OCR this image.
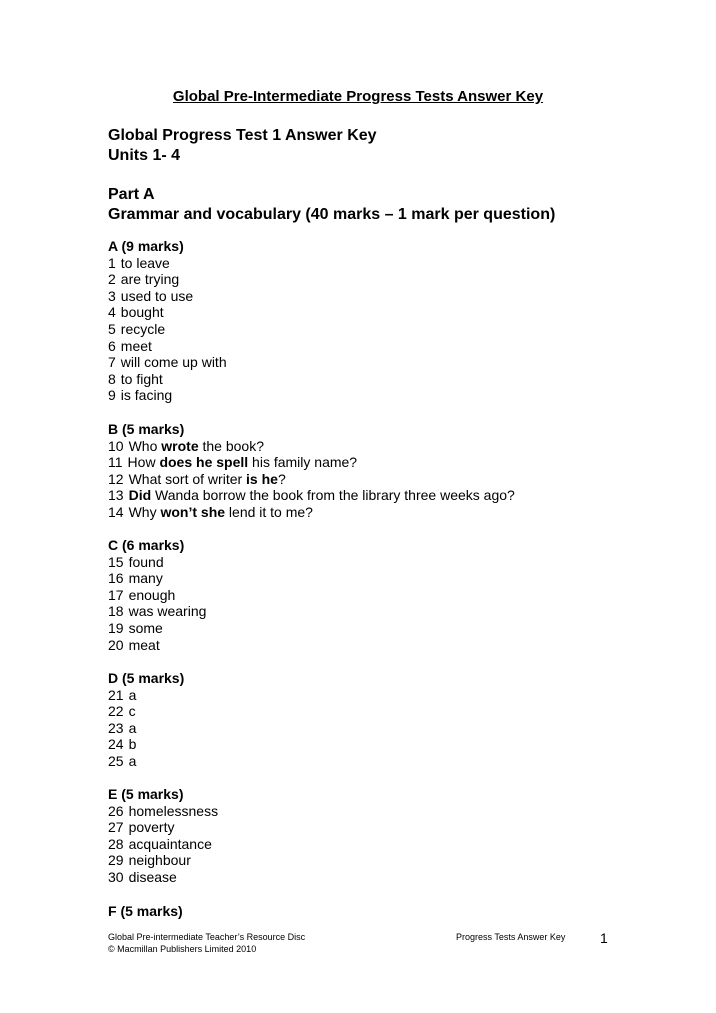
Global Pre-Intermediate Progress Tests Answer Key
Global Progress Test 1 Answer Key
Units 1- 4
Part A
Grammar and vocabulary (40 marks – 1 mark per question)
A (9 marks)
1 to leave
2 are trying
3 used to use
4 bought
5 recycle
6 meet
7 will come up with
8 to fight
9 is facing
B (5 marks)
10 Who wrote the book?
11 How does he spell his family name?
12 What sort of writer is he?
13 Did Wanda borrow the book from the library three weeks ago?
14 Why won’t she lend it to me?
C (6 marks)
15 found
16 many
17 enough
18 was wearing
19 some
20 meat
D (5 marks)
21 a
22 c
23 a
24 b
25 a
E (5 marks)
26 homelessness
27 poverty
28 acquaintance
29 neighbour
30 disease
F (5 marks)
Global Pre-intermediate Teacher’s Resource Disc
© Macmillan Publishers Limited 2010
Progress Tests Answer Key 1
